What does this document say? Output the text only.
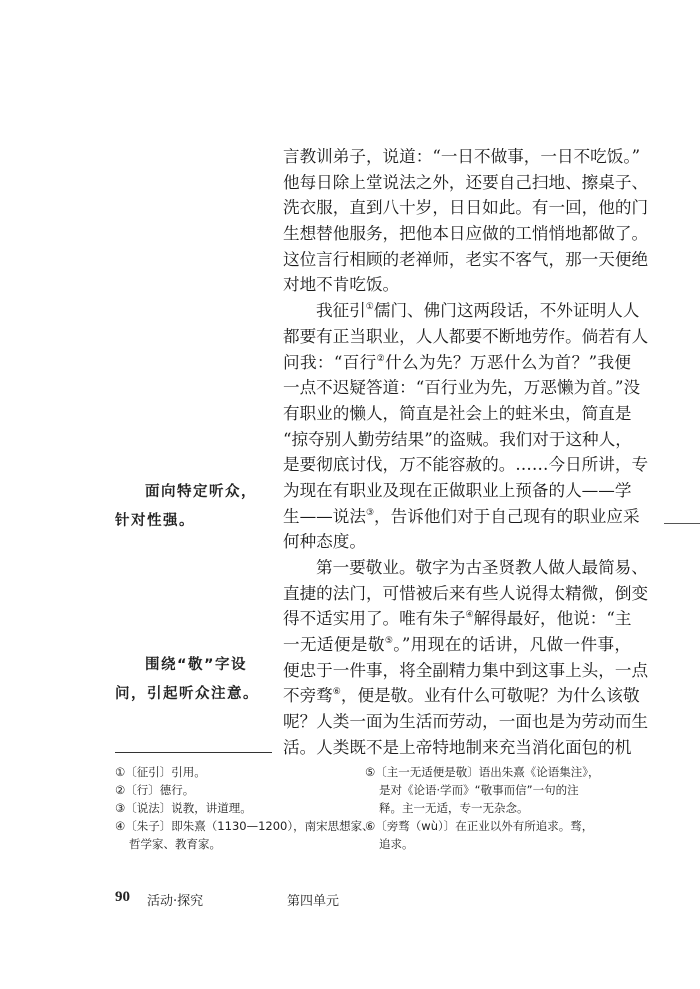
言教训弟子，说道：“一日不做事，一日不吃饭。”
他每日除上堂说法之外，还要自己扫地、擦桌子、
洗衣服，直到八十岁，日日如此。有一回，他的门
生想替他服务，把他本日应做的工悄悄地都做了。
这位言行相顾的老禅师，老实不客气，那一天便绝
对地不肯吃饭。
我征引①儒门、佛门这两段话，不外证明人人
都要有正当职业，人人都要不断地劳作。倘若有人
问我：“百行②什么为先？万恶什么为首？”我便
一点不迟疑答道：“百行业为先，万恶懒为首。”没
有职业的懒人，简直是社会上的蛀米虫，简直是
“掠夺别人勤劳结果”的盗贼。我们对于这种人，
是要彻底讨伐，万不能容赦的。……今日所讲，专
为现在有职业及现在正做职业上预备的人——学
生——说法③，告诉他们对于自己现有的职业应采
何种态度。
第一要敬业。敬字为古圣贤教人做人最简易、
直捷的法门，可惜被后来有些人说得太精微，倒变
得不适实用了。唯有朱子④解得最好，他说：“主
一无适便是敬⑤。”用现在的话讲，凡做一件事，
便忠于一件事，将全副精力集中到这事上头，一点
不旁骛⑥，便是敬。业有什么可敬呢？为什么该敬
呢？人类一面为生活而劳动，一面也是为劳动而生
活。人类既不是上帝特地制来充当消化面包的机
面向特定听众，
针对性强。
围绕“敬”字设
问，引起听众注意。
①〔征引〕引用。
②〔行〕德行。
③〔说法〕说教，讲道理。
④〔朱子〕即朱熹（1130—1200），南宋思想家、
哲学家、教育家。
⑤〔主一无适便是敬〕语出朱熹《论语集注》，
是对《论语·学而》“敬事而信”一句的注
释。主一无适，专一无杂念。
⑥〔旁骛（wù）〕在正业以外有所追求。骛，
追求。
90 活动·探究	第四单元
